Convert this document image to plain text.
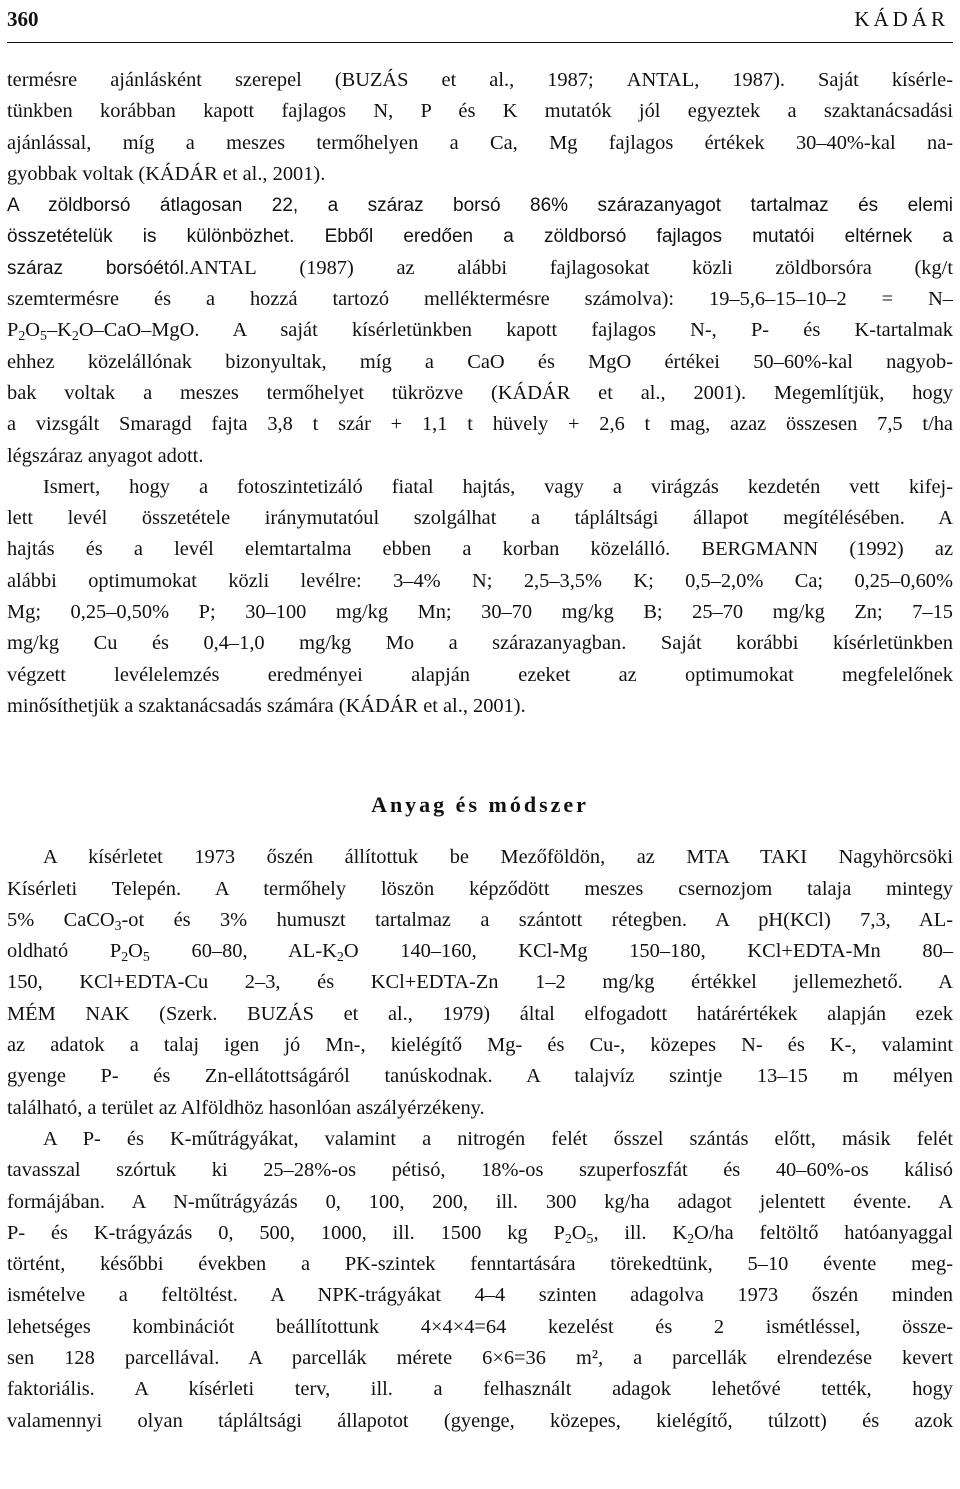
360	KÁDÁR
termésre ajánlásként szerepel (BUZÁS et al., 1987; ANTAL, 1987). Saját kísérle-
tünkben korábban kapott fajlagos N, P és K mutatók jól egyeztek a szaktanácsadási
ajánlással, míg a meszes termőhelyen a Ca, Mg fajlagos értékek 30–40%-kal na-
gyobbak voltak (KÁDÁR et al., 2001).
A zöldborsó átlagosan 22, a száraz borsó 86% szárazanyagot tartalmaz és elemi
összetételük is különbözhet. Ebből eredően a zöldborsó fajlagos mutatói eltérnek a
száraz borsóétól.ANTAL (1987) az alábbi fajlagosokat közli zöldborsóra (kg/t
szemtermésre és a hozzá tartozó melléktermésre számolva): 19–5,6–15–10–2 = N–
$P_2O_5-K_2O-CaO$–MgO. A saját kísérletünkben kapott fajlagos N-, P- és K-tartalmak
ehhez közelállónak bizonyultak, míg a CaO és MgO értékei 50–60%-kal nagyob-
bak voltak a meszes termőhelyet tükrözve (KÁDÁR et al., 2001). Megemlítjük, hogy
a vizsgált Smaragd fajta 3,8 t szár + 1,1 t hüvely + 2,6 t mag, azaz összesen 7,5 t/ha
légszáraz anyagot adott.
Ismert, hogy a fotoszintetizáló fiatal hajtás, vagy a virágzás kezdetén vett kifej-
lett levél összetétele iránymutatóul szolgálhat a tápláltsági állapot megítélésében. A
hajtás és a levél elemtartalma ebben a korban közelálló. BERGMANN (1992) az
alábbi optimumokat közli levélre: 3–4% N; 2,5–3,5% K; 0,5–2,0% Ca; 0,25–0,60%
Mg; 0,25–0,50% P; 30–100 mg/kg Mn; 30–70 mg/kg B; 25–70 mg/kg Zn; 7–15
mg/kg Cu és 0,4–1,0 mg/kg Mo a szárazanyagban. Saját korábbi kísérletünkben
végzett levélelemzés eredményei alapján ezeket az optimumokat megfelelőnek
minősíthetjük a szaktanácsadás számára (KÁDÁR et al., 2001).
Anyag és módszer
A kísérletet 1973 őszén állítottuk be Mezőföldön, az MTA TAKI Nagyhörcsöki
Kísérleti Telepén. A termőhely löszön képződött meszes csernozjom talaja mintegy
5% CaCO$_3$-ot és 3% humuszt tartalmaz a szántott rétegben. A pH(KCl) 7,3, AL-
oldható $P_2O_5$ 60–80, $AL-K_2O$ 140–160, KCl-Mg 150–180, KCl+EDTA-Mn 80–
150, KCl+EDTA-Cu 2–3, és KCl+EDTA-Zn 1–2 mg/kg értékkel jellemezhető. A
MÉM NAK (Szerk. BUZÁS et al., 1979) által elfogadott határértékek alapján ezek
az adatok a talaj igen jó Mn-, kielégítő Mg- és Cu-, közepes N- és K-, valamint
gyenge P- és Zn-ellátottságáról tanúskodnak. A talajvíz szintje 13–15 m mélyen
található, a terület az Alföldhöz hasonlóan aszályérzékeny.
A P- és K-műtrágyákat, valamint a nitrogén felét ősszel szántás előtt, másik felét
tavasszal szórtuk ki 25–28%-os pétisó, 18%-os szuperfoszfát és 40–60%-os kálisó
formájában. A N-műtrágyázás 0, 100, 200, ill. 300 kg/ha adagot jelentett évente. A
P- és K-trágyázás 0, 500, 1000, ill. 1500 kg $P_2O_5$, ill. $K_2O/ha$ feltöltő hatóanyaggal
történt, későbbi években a PK-szintek fenntartására törekedtünk, 5–10 évente meg-
ismételve a feltöltést. A NPK-trágyákat 4–4 szinten adagolva 1973 őszén minden
lehetséges kombinációt beállítottunk 4×4×4=64 kezelést és 2 ismétléssel, össze-
sen 128 parcellával. A parcellák mérete 6×6=36 m², a parcellák elrendezése kevert
faktoriális. A kísérleti terv, ill. a felhasznált adagok lehetővé tették, hogy
valamennyi olyan tápláltsági állapotot (gyenge, közepes, kielégítő, túlzott) és azok
